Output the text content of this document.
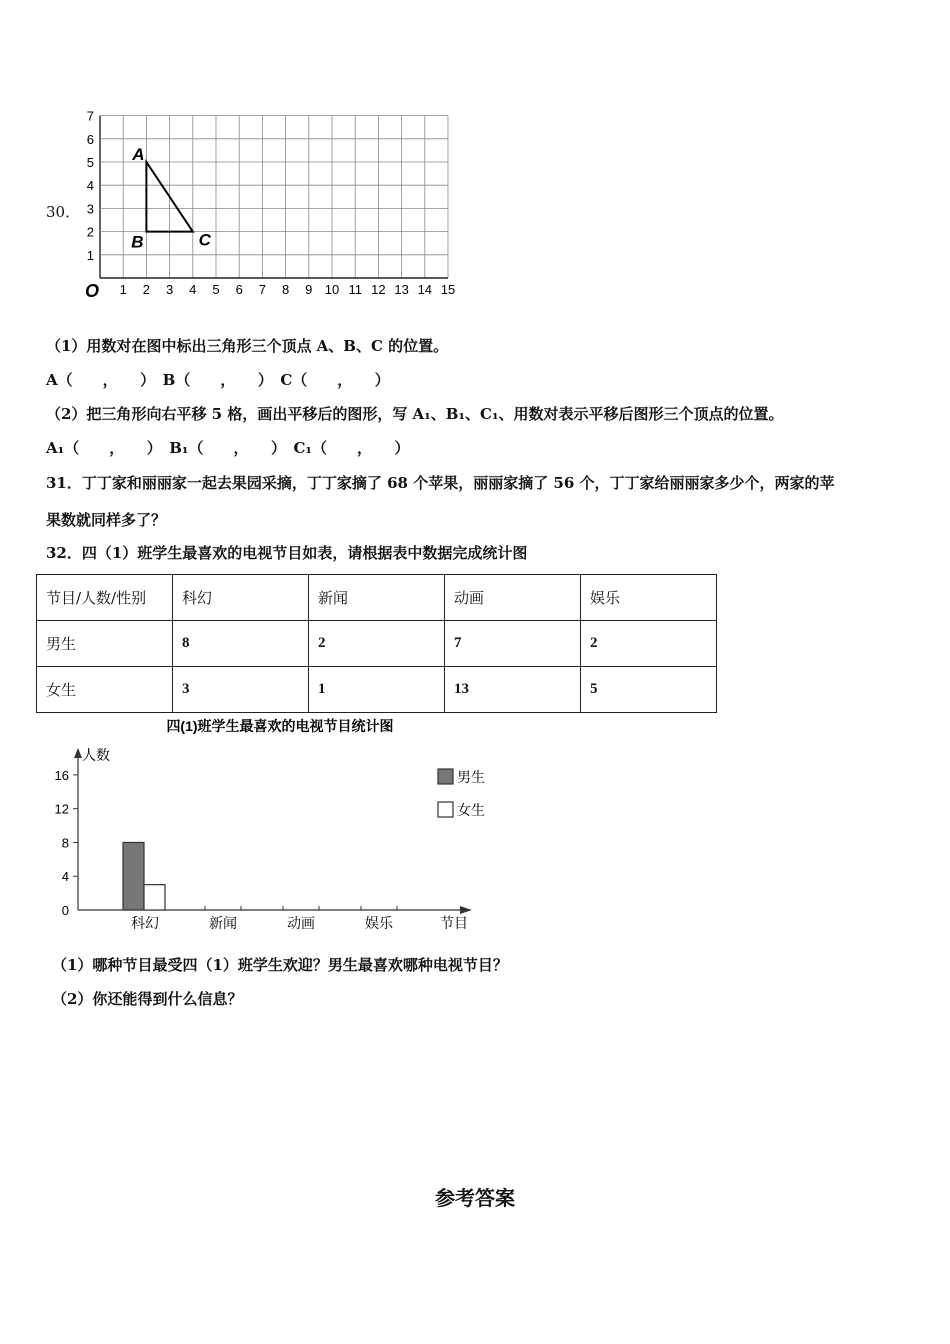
30．
1 2 3 4 5 6 7 8 9 10 11 12 13 14 15
1
2
3
4
5
6
7
O
A
B	C
（1）用数对在图中标出三角形三个顶点 A、B、C 的位置。
A（　　，　　）　B（　　，　　）　C（　　，　　）
（2）把三角形向右平移 5 格，画出平移后的图形，写 A₁、B₁、C₁、用数对表示平移后图形三个顶点的位置。
A₁（　　，　　）　B₁（　　，　　）　C₁（　　，　　）
31．丁丁家和丽丽家一起去果园采摘，丁丁家摘了 68 个苹果，丽丽家摘了 56 个，丁丁家给丽丽家多少个，两家的苹
果数就同样多了？
32．四（1）班学生最喜欢的电视节目如表，请根据表中数据完成统计图
节目/人数/性别	科幻	新闻	动画	娱乐
男生	8	2	7	2
女生	3	1	13	5
四(1)班学生最喜欢的电视节目统计图
人数
节目
0
4
8
12
16
科幻	新闻	动画	娱乐
男生
女生
（1）哪种节目最受四（1）班学生欢迎？男生最喜欢哪种电视节目？
（2）你还能得到什么信息？
参考答案
